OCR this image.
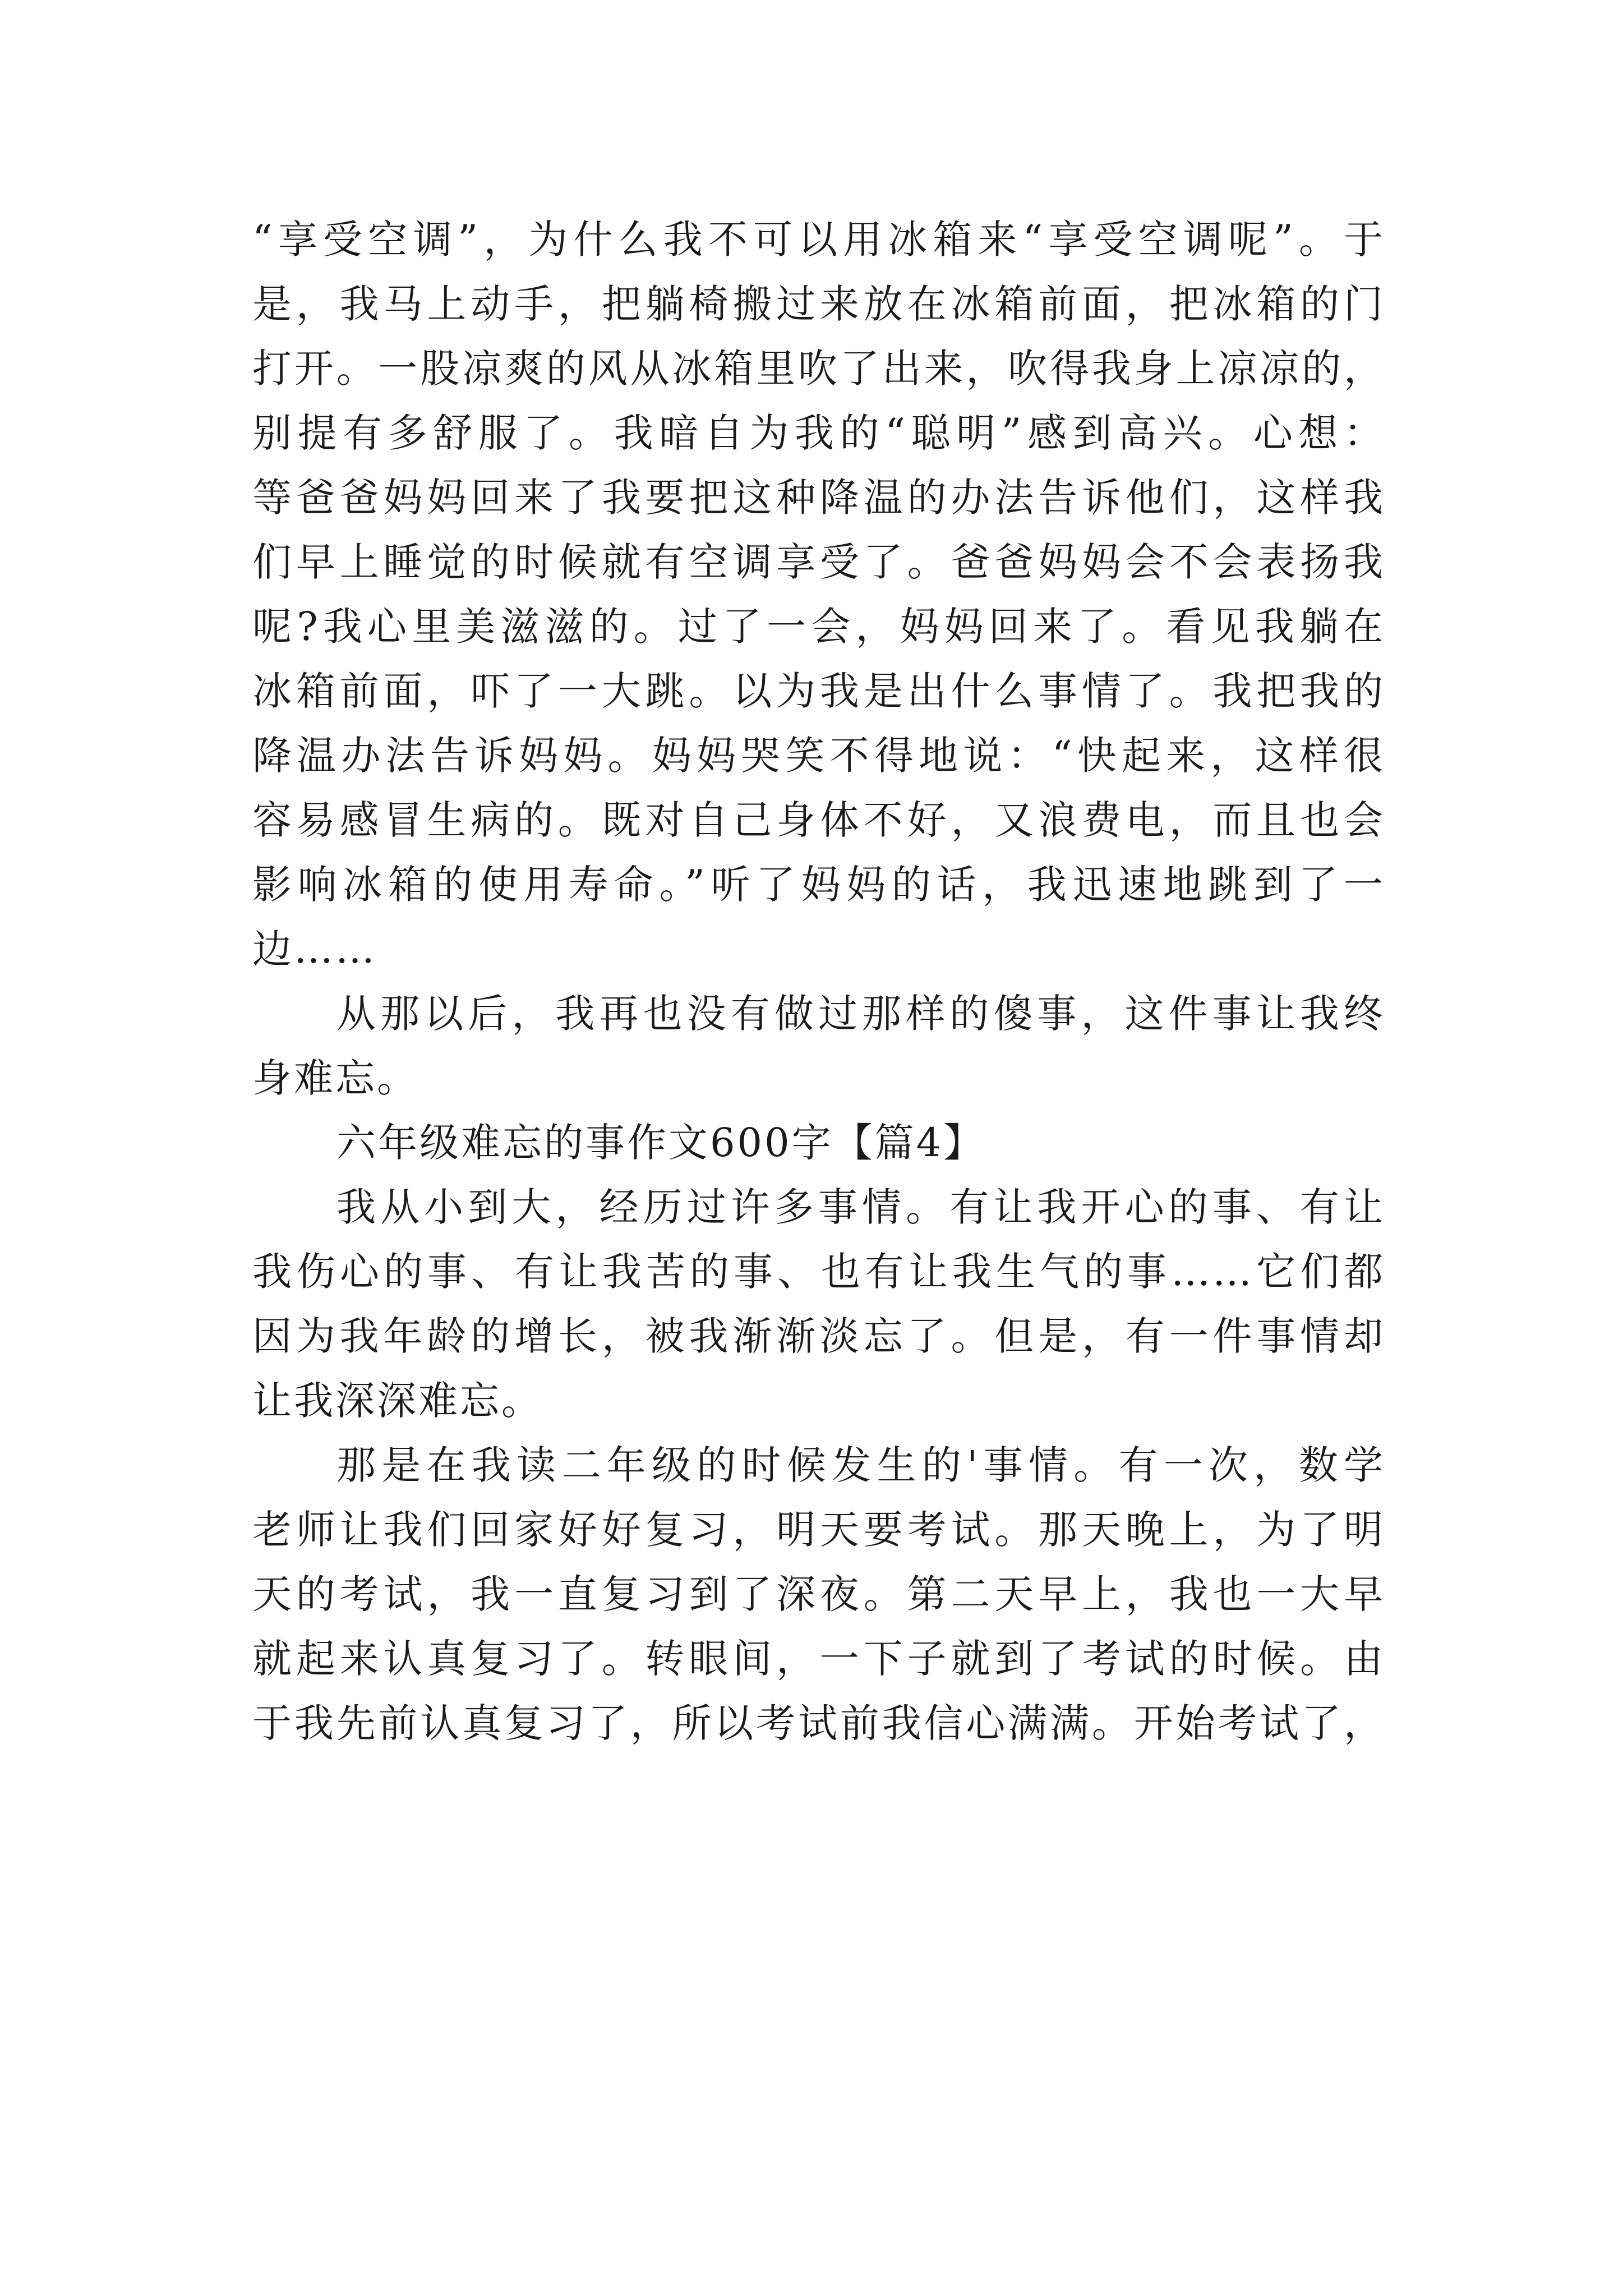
“享受空调”，为什么我不可以用冰箱来“享受空调呢”。于
是，我马上动手，把躺椅搬过来放在冰箱前面，把冰箱的门
打开。一股凉爽的风从冰箱里吹了出来，吹得我身上凉凉的，
别提有多舒服了。我暗自为我的“聪明”感到高兴。心想：
等爸爸妈妈回来了我要把这种降温的办法告诉他们，这样我
们早上睡觉的时候就有空调享受了。爸爸妈妈会不会表扬我
呢?我心里美滋滋的。过了一会，妈妈回来了。看见我躺在
冰箱前面，吓了一大跳。以为我是出什么事情了。我把我的
降温办法告诉妈妈。妈妈哭笑不得地说：“快起来，这样很
容易感冒生病的。既对自己身体不好，又浪费电，而且也会
影响冰箱的使用寿命。”听了妈妈的话，我迅速地跳到了一
边……
从那以后，我再也没有做过那样的傻事，这件事让我终
身难忘。
六年级难忘的事作文600字【篇4】
我从小到大，经历过许多事情。有让我开心的事、有让
我伤心的事、有让我苦的事、也有让我生气的事……它们都
因为我年龄的增长，被我渐渐淡忘了。但是，有一件事情却
让我深深难忘。
那是在我读二年级的时候发生的'事情。有一次，数学
老师让我们回家好好复习，明天要考试。那天晚上，为了明
天的考试，我一直复习到了深夜。第二天早上，我也一大早
就起来认真复习了。转眼间，一下子就到了考试的时候。由
于我先前认真复习了，所以考试前我信心满满。开始考试了，
